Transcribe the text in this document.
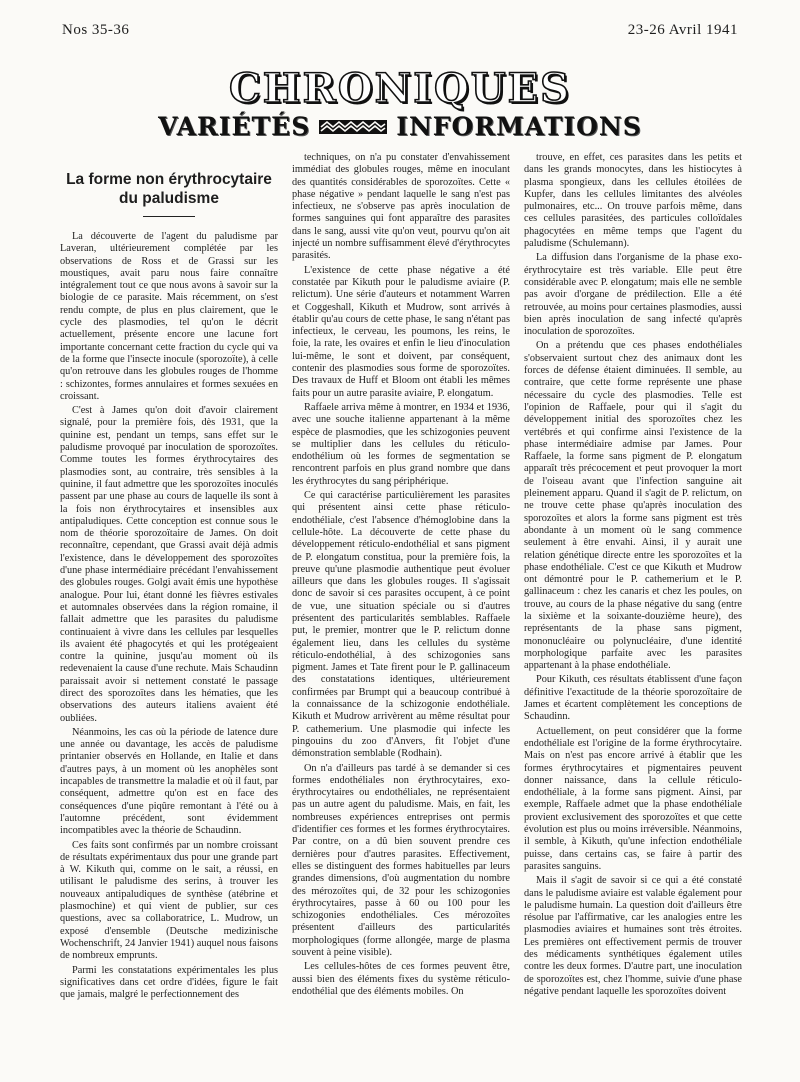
Nos 35-36	23-26 Avril 1941
CHRONIQUES
VARIÉTÉS	INFORMATIONS
La forme non érythrocytaire du paludisme

La découverte de l'agent du paludisme par Laveran, ultérieurement complétée par les observations de Ross et de Grassi sur les moustiques, avait paru nous faire connaître intégralement tout ce que nous avons à savoir sur la biologie de ce parasite. Mais récemment, on s'est rendu compte, de plus en plus clairement, que le cycle des plasmodies, tel qu'on le décrit actuellement, présente encore une lacune fort importante concernant cette fraction du cycle qui va de la forme que l'insecte inocule (sporozoïte), à celle qu'on retrouve dans les globules rouges de l'homme : schizontes, formes annulaires et formes sexuées en croissant.

C'est à James qu'on doit d'avoir clairement signalé, pour la première fois, dès 1931, que la quinine est, pendant un temps, sans effet sur le paludisme provoqué par inoculation de sporozoïtes. Comme toutes les formes érythrocytaires des plasmodies sont, au contraire, très sensibles à la quinine, il faut admettre que les sporozoïtes inoculés passent par une phase au cours de laquelle ils sont à la fois non érythrocytaires et insensibles aux antipaludiques. Cette conception est connue sous le nom de théorie sporozoïtaire de James. On doit reconnaître, cependant, que Grassi avait déjà admis l'existence, dans le développement des sporozoïtes d'une phase intermédiaire précédant l'envahissement des globules rouges. Golgi avait émis une hypothèse analogue. Pour lui, étant donné les fièvres estivales et automnales observées dans la région romaine, il fallait admettre que les parasites du paludisme continuaient à vivre dans les cellules par lesquelles ils avaient été phagocytés et qui les protégeaient contre la quinine, jusqu'au moment où ils redevenaient la cause d'une rechute. Mais Schaudinn paraissait avoir si nettement constaté le passage direct des sporozoïtes dans les hématies, que les observations des auteurs italiens avaient été oubliées.

Néanmoins, les cas où la période de latence dure une année ou davantage, les accès de paludisme printanier observés en Hollande, en Italie et dans d'autres pays, à un moment où les anophèles sont incapables de transmettre la maladie et où il faut, par conséquent, admettre qu'on est en face des conséquences d'une piqûre remontant à l'été ou à l'automne précédent, sont évidemment incompatibles avec la théorie de Schaudinn.

Ces faits sont confirmés par un nombre croissant de résultats expérimentaux dus pour une grande part à W. Kikuth qui, comme on le sait, a réussi, en utilisant le paludisme des serins, à trouver les nouveaux antipaludiques de synthèse (atébrine et plasmochine) et qui vient de publier, sur ces questions, avec sa collaboratrice, L. Mudrow, un exposé d'ensemble (Deutsche medizinische Wochenschrift, 24 Janvier 1941) auquel nous faisons de nombreux emprunts.

Parmi les constatations expérimentales les plus significatives dans cet ordre d'idées, figure le fait que jamais, malgré le perfectionnement des

techniques, on n'a pu constater d'envahissement immédiat des globules rouges, même en inoculant des quantités considérables de sporozoïtes. Cette « phase négative » pendant laquelle le sang n'est pas infectieux, ne s'observe pas après inoculation de formes sanguines qui font apparaître des parasites dans le sang, aussi vite qu'on veut, pourvu qu'on ait injecté un nombre suffisamment élevé d'érythrocytes parasités.

L'existence de cette phase négative a été constatée par Kikuth pour le paludisme aviaire (P. relictum). Une série d'auteurs et notamment Warren et Coggeshall, Kikuth et Mudrow, sont arrivés à établir qu'au cours de cette phase, le sang n'étant pas infectieux, le cerveau, les poumons, les reins, le foie, la rate, les ovaires et enfin le lieu d'inoculation lui-même, le sont et doivent, par conséquent, contenir des plasmodies sous forme de sporozoïtes. Des travaux de Huff et Bloom ont établi les mêmes faits pour un autre parasite aviaire, P. elongatum.

Raffaele arriva même à montrer, en 1934 et 1936, avec une souche italienne appartenant à la même espèce de plasmodies, que les schizogonies peuvent se multiplier dans les cellules du réticulo-endothélium où les formes de segmentation se rencontrent parfois en plus grand nombre que dans les érythrocytes du sang périphérique.

Ce qui caractérise particulièrement les parasites qui présentent ainsi cette phase réticulo-endothéliale, c'est l'absence d'hémoglobine dans la cellule-hôte. La découverte de cette phase du développement réticulo-endothélial et sans pigment de P. elongatum constitua, pour la première fois, la preuve qu'une plasmodie authentique peut évoluer ailleurs que dans les globules rouges. Il s'agissait donc de savoir si ces parasites occupent, à ce point de vue, une situation spéciale ou si d'autres présentent des particularités semblables. Raffaele put, le premier, montrer que le P. relictum donne également lieu, dans les cellules du système réticulo-endothélial, à des schizogonies sans pigment. James et Tate firent pour le P. gallinaceum des constatations identiques, ultérieurement confirmées par Brumpt qui a beaucoup contribué à la connaissance de la schizogonie endothéliale. Kikuth et Mudrow arrivèrent au même résultat pour P. cathemerium. Une plasmodie qui infecte les pingouins du zoo d'Anvers, fit l'objet d'une démonstration semblable (Rodhain).

On n'a d'ailleurs pas tardé à se demander si ces formes endothéliales non érythrocytaires, exo-érythrocytaires ou endothéliales, ne représentaient pas un autre agent du paludisme. Mais, en fait, les nombreuses expériences entreprises ont permis d'identifier ces formes et les formes érythrocytaires. Par contre, on a dû bien souvent prendre ces dernières pour d'autres parasites. Effectivement, elles se distinguent des formes habituelles par leurs grandes dimensions, d'où augmentation du nombre des mérozoïtes qui, de 32 pour les schizogonies érythrocytaires, passe à 60 ou 100 pour les schizogonies endothéliales. Ces mérozoïtes présentent d'ailleurs des particularités morphologiques (forme allongée, marge de plasma souvent à peine visible).

Les cellules-hôtes de ces formes peuvent être, aussi bien des éléments fixes du système réticulo-endothélial que des éléments mobiles. On

trouve, en effet, ces parasites dans les petits et dans les grands monocytes, dans les histiocytes à plasma spongieux, dans les cellules étoilées de Kupfer, dans les cellules limitantes des alvéoles pulmonaires, etc... On trouve parfois même, dans ces cellules parasitées, des particules colloïdales phagocytées en même temps que l'agent du paludisme (Schulemann).

La diffusion dans l'organisme de la phase exo-érythrocytaire est très variable. Elle peut être considérable avec P. elongatum; mais elle ne semble pas avoir d'organe de prédilection. Elle a été retrouvée, au moins pour certaines plasmodies, aussi bien après inoculation de sang infecté qu'après inoculation de sporozoïtes.

On a prétendu que ces phases endothéliales s'observaient surtout chez des animaux dont les forces de défense étaient diminuées. Il semble, au contraire, que cette forme représente une phase nécessaire du cycle des plasmodies. Telle est l'opinion de Raffaele, pour qui il s'agit du développement initial des sporozoïtes chez les vertébrés et qui confirme ainsi l'existence de la phase intermédiaire admise par James. Pour Raffaele, la forme sans pigment de P. elongatum apparaît très précocement et peut provoquer la mort de l'oiseau avant que l'infection sanguine ait pleinement apparu. Quand il s'agit de P. relictum, on ne trouve cette phase qu'après inoculation des sporozoïtes et alors la forme sans pigment est très abondante à un moment où le sang commence seulement à être envahi. Ainsi, il y aurait une relation génétique directe entre les sporozoïtes et la phase endothéliale. C'est ce que Kikuth et Mudrow ont démontré pour le P. cathemerium et le P. gallinaceum : chez les canaris et chez les poules, on trouve, au cours de la phase négative du sang (entre la sixième et la soixante-douzième heure), des représentants de la phase sans pigment, mononucléaire ou polynucléaire, d'une identité morphologique parfaite avec les parasites appartenant à la phase endothéliale.

Pour Kikuth, ces résultats établissent d'une façon définitive l'exactitude de la théorie sporozoïtaire de James et écartent complètement les conceptions de Schaudinn.

Actuellement, on peut considérer que la forme endothéliale est l'origine de la forme érythrocytaire. Mais on n'est pas encore arrivé à établir que les formes érythrocytaires et pigmentaires peuvent donner naissance, dans la cellule réticulo-endothéliale, à la forme sans pigment. Ainsi, par exemple, Raffaele admet que la phase endothéliale provient exclusivement des sporozoïtes et que cette évolution est plus ou moins irréversible. Néanmoins, il semble, à Kikuth, qu'une infection endothéliale puisse, dans certains cas, se faire à partir des parasites sanguins.

Mais il s'agit de savoir si ce qui a été constaté dans le paludisme aviaire est valable également pour le paludisme humain. La question doit d'ailleurs être résolue par l'affirmative, car les analogies entre les plasmodies aviaires et humaines sont très étroites. Les premières ont effectivement permis de trouver des médicaments synthétiques également utiles contre les deux formes. D'autre part, une inoculation de sporozoïtes est, chez l'homme, suivie d'une phase négative pendant laquelle les sporozoïtes doivent
